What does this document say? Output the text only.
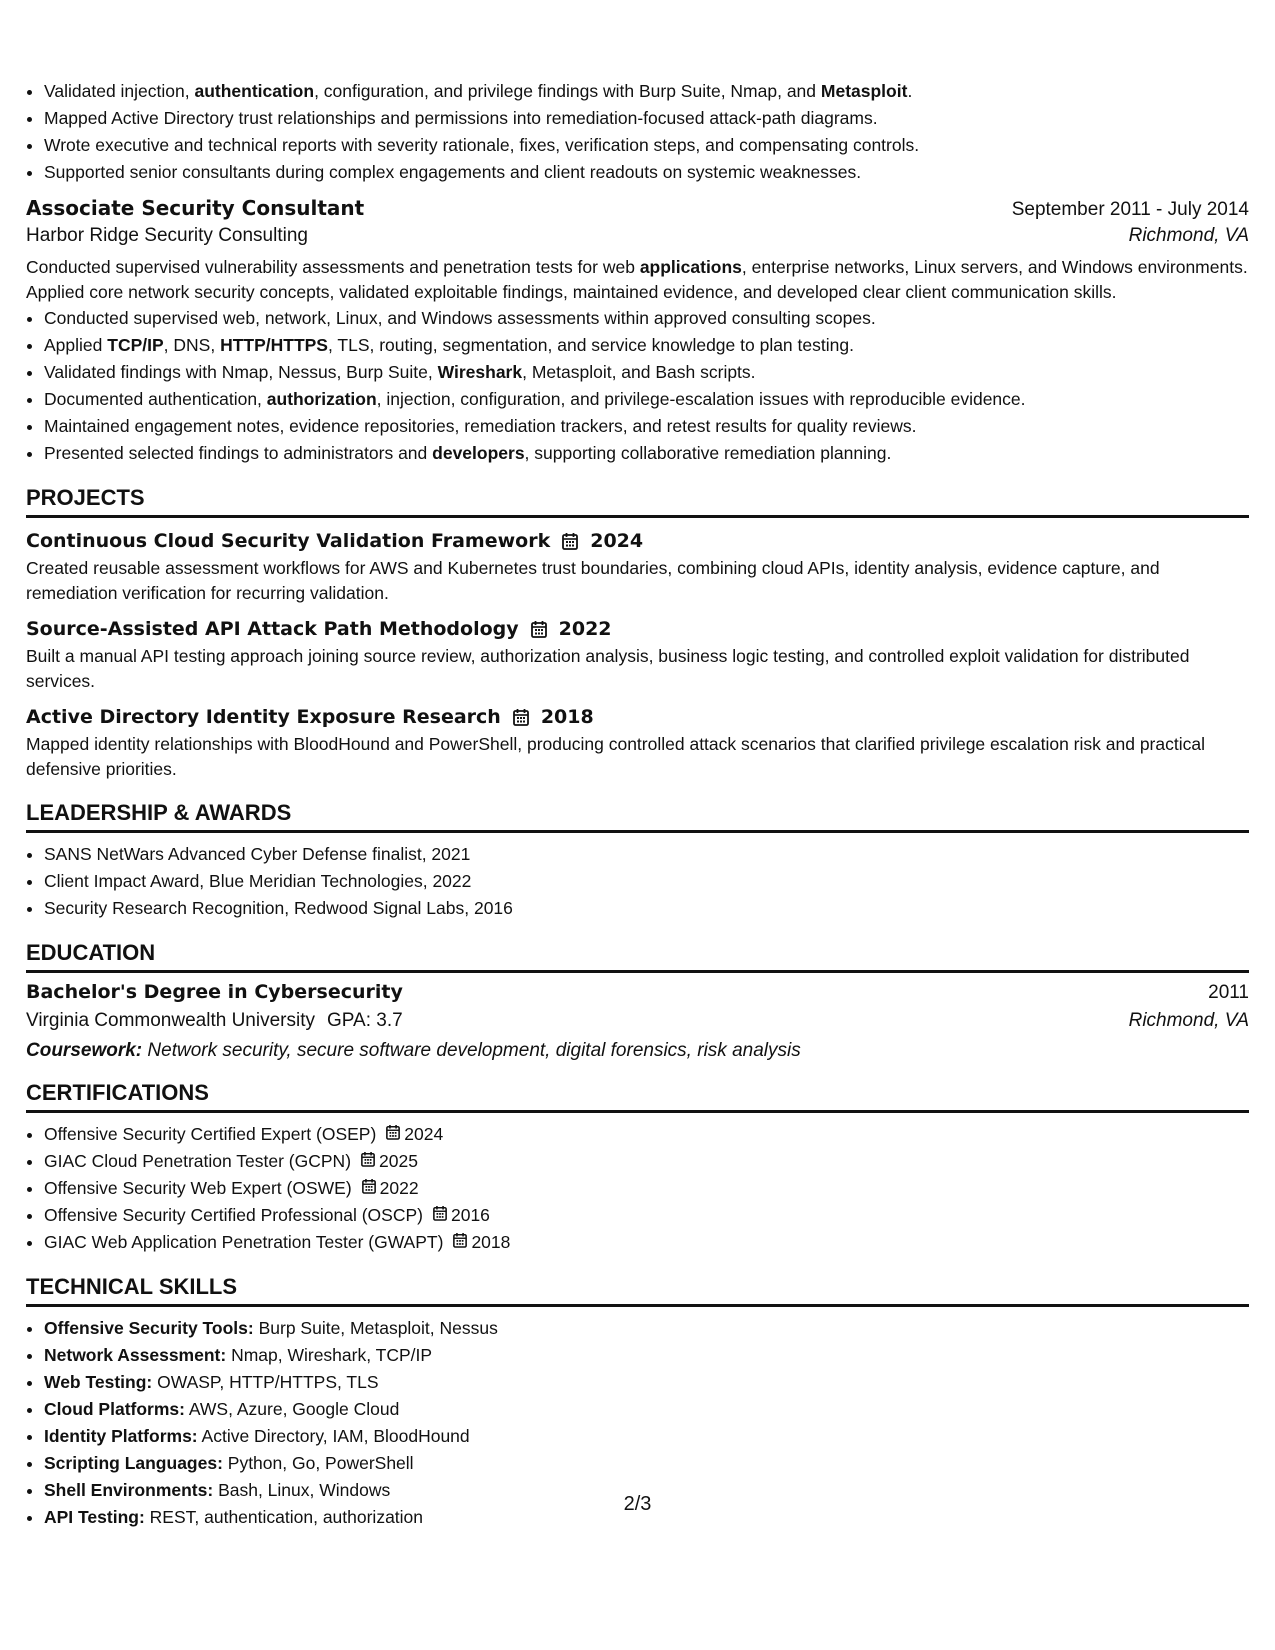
• Validated injection, authentication, configuration, and privilege findings with Burp Suite, Nmap, and Metasploit.
• Mapped Active Directory trust relationships and permissions into remediation-focused attack-path diagrams.
• Wrote executive and technical reports with severity rationale, fixes, verification steps, and compensating controls.
• Supported senior consultants during complex engagements and client readouts on systemic weaknesses.
Associate Security Consultant	September 2011 - July 2014
Harbor Ridge Security Consulting	Richmond, VA
Conducted supervised vulnerability assessments and penetration tests for web applications, enterprise networks, Linux servers, and Windows environments. Applied core network security concepts, validated exploitable findings, maintained evidence, and developed clear client communication skills.
• Conducted supervised web, network, Linux, and Windows assessments within approved consulting scopes.
• Applied TCP/IP, DNS, HTTP/HTTPS, TLS, routing, segmentation, and service knowledge to plan testing.
• Validated findings with Nmap, Nessus, Burp Suite, Wireshark, Metasploit, and Bash scripts.
• Documented authentication, authorization, injection, configuration, and privilege-escalation issues with reproducible evidence.
• Maintained engagement notes, evidence repositories, remediation trackers, and retest results for quality reviews.
• Presented selected findings to administrators and developers, supporting collaborative remediation planning.
PROJECTS
Continuous Cloud Security Validation Framework 2024
Created reusable assessment workflows for AWS and Kubernetes trust boundaries, combining cloud APIs, identity analysis, evidence capture, and remediation verification for recurring validation.
Source-Assisted API Attack Path Methodology 2022
Built a manual API testing approach joining source review, authorization analysis, business logic testing, and controlled exploit validation for distributed services.
Active Directory Identity Exposure Research 2018
Mapped identity relationships with BloodHound and PowerShell, producing controlled attack scenarios that clarified privilege escalation risk and practical defensive priorities.
LEADERSHIP & AWARDS
• SANS NetWars Advanced Cyber Defense finalist, 2021
• Client Impact Award, Blue Meridian Technologies, 2022
• Security Research Recognition, Redwood Signal Labs, 2016
EDUCATION
Bachelor's Degree in Cybersecurity	2011
Virginia Commonwealth University GPA: 3.7	Richmond, VA
Coursework: Network security, secure software development, digital forensics, risk analysis
CERTIFICATIONS
• Offensive Security Certified Expert (OSEP) 2024
• GIAC Cloud Penetration Tester (GCPN) 2025
• Offensive Security Web Expert (OSWE) 2022
• Offensive Security Certified Professional (OSCP) 2016
• GIAC Web Application Penetration Tester (GWAPT) 2018
TECHNICAL SKILLS
• Offensive Security Tools: Burp Suite, Metasploit, Nessus
• Network Assessment: Nmap, Wireshark, TCP/IP
• Web Testing: OWASP, HTTP/HTTPS, TLS
• Cloud Platforms: AWS, Azure, Google Cloud
• Identity Platforms: Active Directory, IAM, BloodHound
• Scripting Languages: Python, Go, PowerShell
• Shell Environments: Bash, Linux, Windows
• API Testing: REST, authentication, authorization
2/3
